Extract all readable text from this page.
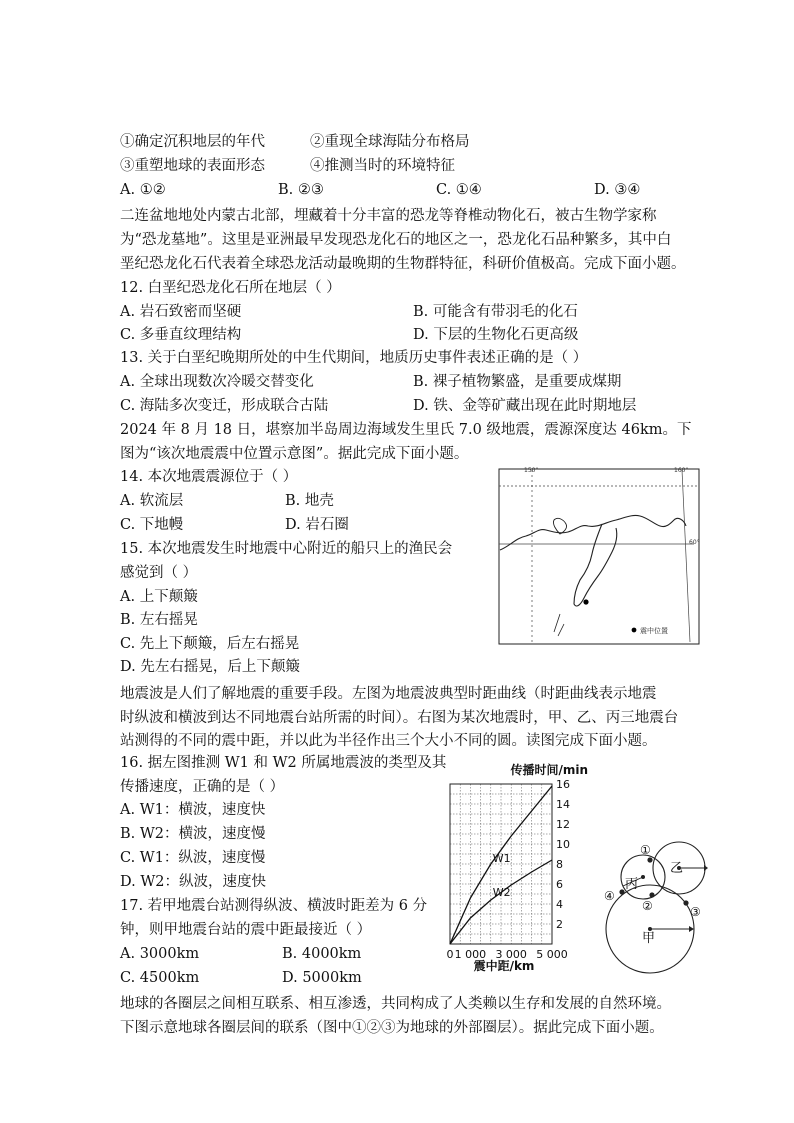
①确定沉积地层的年代	②重现全球海陆分布格局
③重塑地球的表面形态	④推测当时的环境特征
A. ①②	B. ②③	C. ①④	D. ③④
二连盆地地处内蒙古北部，埋藏着十分丰富的恐龙等脊椎动物化石，被古生物学家称
为“恐龙墓地”。这里是亚洲最早发现恐龙化石的地区之一，恐龙化石品种繁多，其中白
垩纪恐龙化石代表着全球恐龙活动最晚期的生物群特征，科研价值极高。完成下面小题。
12. 白垩纪恐龙化石所在地层（ ）
A. 岩石致密而坚硬	B. 可能含有带羽毛的化石
C. 多垂直纹理结构	D. 下层的生物化石更高级
13. 关于白垩纪晚期所处的中生代期间，地质历史事件表述正确的是（ ）
A. 全球出现数次冷暖交替变化	B. 裸子植物繁盛，是重要成煤期
C. 海陆多次变迁，形成联合古陆	D. 铁、金等矿藏出现在此时期地层
2024 年 8 月 18 日，堪察加半岛周边海域发生里氏 7.0 级地震，震源深度达 46km。下
图为“该次地震震中位置示意图”。据此完成下面小题。
14. 本次地震震源位于（ ）
A. 软流层	B. 地壳
C. 下地幔	D. 岩石圈
15. 本次地震发生时地震中心附近的船只上的渔民会
感觉到（ ）
A. 上下颠簸
B. 左右摇晃
C. 先上下颠簸，后左右摇晃
D. 先左右摇晃，后上下颠簸
150°	160°
60°
震中位置
地震波是人们了解地震的重要手段。左图为地震波典型时距曲线（时距曲线表示地震
时纵波和横波到达不同地震台站所需的时间）。右图为某次地震时，甲、乙、丙三地震台
站测得的不同的震中距，并以此为半径作出三个大小不同的圆。读图完成下面小题。
16. 据左图推测 W1 和 W2 所属地震波的类型及其
传播速度，正确的是（ ）
A. W1：横波，速度快
B. W2：横波，速度慢
C. W1：纵波，速度慢
D. W2：纵波，速度快
17. 若甲地震台站测得纵波、横波时距差为 6 分
钟，则甲地震台站的震中距最接近（ ）
A. 3000km	B. 4000km
C. 4500km	D. 5000km
2
4
6
8
10
12
14
16
0 1 000 3 000 5 000
传播时间/min
震中距/km
W1
W2
乙
丙
甲
①
②	③
④
地球的各圈层之间相互联系、相互渗透，共同构成了人类赖以生存和发展的自然环境。
下图示意地球各圈层间的联系（图中①②③为地球的外部圈层）。据此完成下面小题。
